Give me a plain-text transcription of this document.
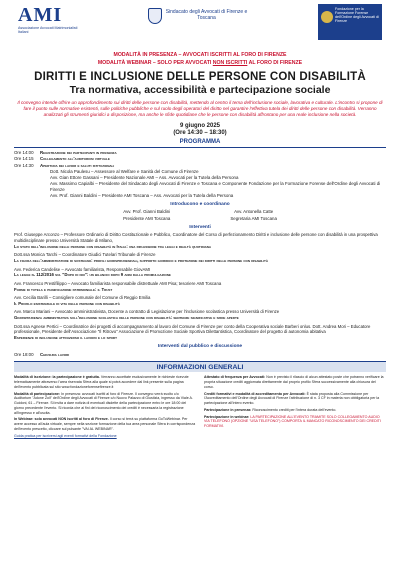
AMI
Associazione Avvocati Matrimonialisti Italiani
Sindacato degli Avvocati di Firenze e Toscana
Fondazione per la Formazione Forense dell'Ordine degli Avvocati di Firenze
MODALITÀ IN PRESENZA – AVVOCATI ISCRITTI AL FORO DI FIRENZE
MODALITÀ WEBINAR – SOLO PER AVVOCATI NON ISCRITTI AL FORO DI FIRENZE
DIRITTI E INCLUSIONE DELLE PERSONE CON DISABILITÀ
Tra normativa, accessibilità e partecipazione sociale
Il convegno intende offrire un approfondimento sui diritti delle persone con disabilità, mettendo al centro il tema dell'inclusione sociale, lavorativa e culturale. L'incontro si propone di fare il punto sulle normative esistenti, sulle politiche pubbliche e sul ruolo degli operatori del diritto nel garantire l'effettiva tutela dei diritti delle persone con disabilità. Verranno analizzati gli strumenti giuridici a disposizione, ma anche le sfide quotidiane che le persone con disabilità affrontano per una reale inclusione nella società.
9 giugno 2025
(Ore 14:30 – 18:30)
PROGRAMMA
Ore 14:00	Registrazione dei partecipanti in presenza
Ore 14:15	Collegamento all'auditorium virtuale
Ore 14:30	Apertura dei lavori e saluti istituzionali
Dott. Nicola Paulesu – Assessore al Welfare e Sanità del Comune di Firenze
Avv. Gian Ettore Gassani – Presidente Nazionale AMI – Ass. Avvocati per la Tutela della Persona
Avv. Massimo Capialbi – Presidente del Sindacato degli Avvocati di Firenze e Toscana e Componente Fondazione per la Formazione Forense dell'Ordine degli Avvocati di Firenze
Avv. Prof. Gianni Baldini – Presidente AMI Toscana – Ass. Avvocati per la Tutela della Persona
Introducono e coordinano
Avv. Prof. Gianni Baldini
Presidente AMI Toscana
Avv. Antonella Catte
Segretaria AMI Toscana
Interventi

Prof. Giuseppe Arconzo – Professore Ordinario di Diritto Costituzionale e Pubblico, Coordinatore del Corso di perfezionamento Diritti e inclusione delle persone con disabilità in una prospettiva multidisciplinare presso Università Statale di Milano,
Lo stato dell'inclusione delle persone con disabilità in Italia: una riflessione tra leggi e realtà quotidiana

Dott.ssa Monica Tarchi – Coordinatore Giudici Tutelari Tribunale di Firenze
La figura dell'amministratore di sostegno: profili giurisprudenziali, supporto giuridico e protezione dei diritti delle persone con disabilità

Avv. Federica Candelise – Avvocato familiarista, Responsabile GiovAMI
La legge n. 112/2016 sul "Dopo di noi": un bilancio dopo 9 anni dalla promulgazione

Avv. Francesco Prestifilippo – Avvocato familiarista responsabile distrettuale AMI Pisa; tesoriere AMI Toscana
Forme di tutela e pianificazione patrimoniale: il Trust

Avv. Cecilia Barilli – Consigliere comunale del Comune di Reggio Emilia
Il Profilo esistenziale di vita delle persone con disabilità

Avv. Marco Mariani – Avvocato amministrativista, Docente a contratto di Legislazione per l'inclusione scolastica presso Università di Firenze
Giurisprudenza amministrativa sull'inclusione scolastica delle persone con disabilità: sentenze significative e sfide aperte

Dott.ssa Agnese Pertici – Coordinatrice dei progetti di accompagnamento al lavoro del Comune di Firenze per conto della Cooperativa sociale Barberi onlus. Dott. Andrea Mori – Educatore professionale, Presidente dell'Associazione "Il Ritrovo" Associazione di Promozione Sociale Sportiva Dilettantistica, Coordinatore del progetto di autonomia abitativa
Esperienze di inclusione attraverso il lavoro e lo sport

Interventi dal pubblico e discussione
Ore 18:00	Chiusura lavori
INFORMAZIONI GENERALI

Modalità di iscrizione: la partecipazione è gratuita. Verranno accettate esclusivamente le richieste ricevute telematicamente attraverso l'area riservata Sfera alla quale si potrà accedere dal link presente sulla pagina dell'evento pubblicata sul sito www.fondazioneforensefirenze.it

Modalità di partecipazione: In presenza: avvocati iscritti al foro di Firenze. Il convegno verrà svolto c/o Auditorium "Adone Zoli" dell'Ordine degli Avvocati di Firenze c/o Nuovo Palazzo di Giustizia, ingresso da Viale A. Guidoni, 61 – Firenze. Si invita a dare notizia di eventuali disdette della partecipazione entro le ore 18:00 del giorno precedente l'evento. Si ricorda che ai fini del riconoscimento dei crediti è necessaria la registrazione all'ingresso e all'uscita.

In Webinar: solo avvocati NON iscritti al foro di Firenze. Il corso si terrà su piattaforma GoToWebinar. Per avere accesso all'aula virtuale, sempre nella sezione formazione della tua area personale Sfera in corrispondenza dell'evento prescelto, cliccare sul pulsante "VAI AL WEBINAR".

Guida pratica per iscriversi agli eventi formativi della Fondazione

Attestato di frequenza per Avvocati: Non è previsto il rilascio di alcun attestato poste che potranno verificare la propria situazione crediti aggiornata direttamente dal proprio profilo Sfera successivamente alla chiusura del corso.

Crediti formativi e modalità di accreditamento per Avvocati: È stata proposta alla Commissione per l'Accreditamento dell'Ordine degli Avvocati di Firenze l'attribuzione di n. 3 CF in materia non obbligatoria per la partecipazione all'intero evento.

Partecipazione in presenza: Riconoscimento crediti per l'intera durata dell'evento.

Partecipazione in webinar: LA PARTECIPAZIONE ALL'EVENTO TRAMITE SOLO COLLEGAMENTO AUDIO VIA TELEFONO (OPZIONE "USA TELEFONO") COMPORTA IL MANCATO RICONOSCIMENTO DEI CREDITI FORMATIVI.
